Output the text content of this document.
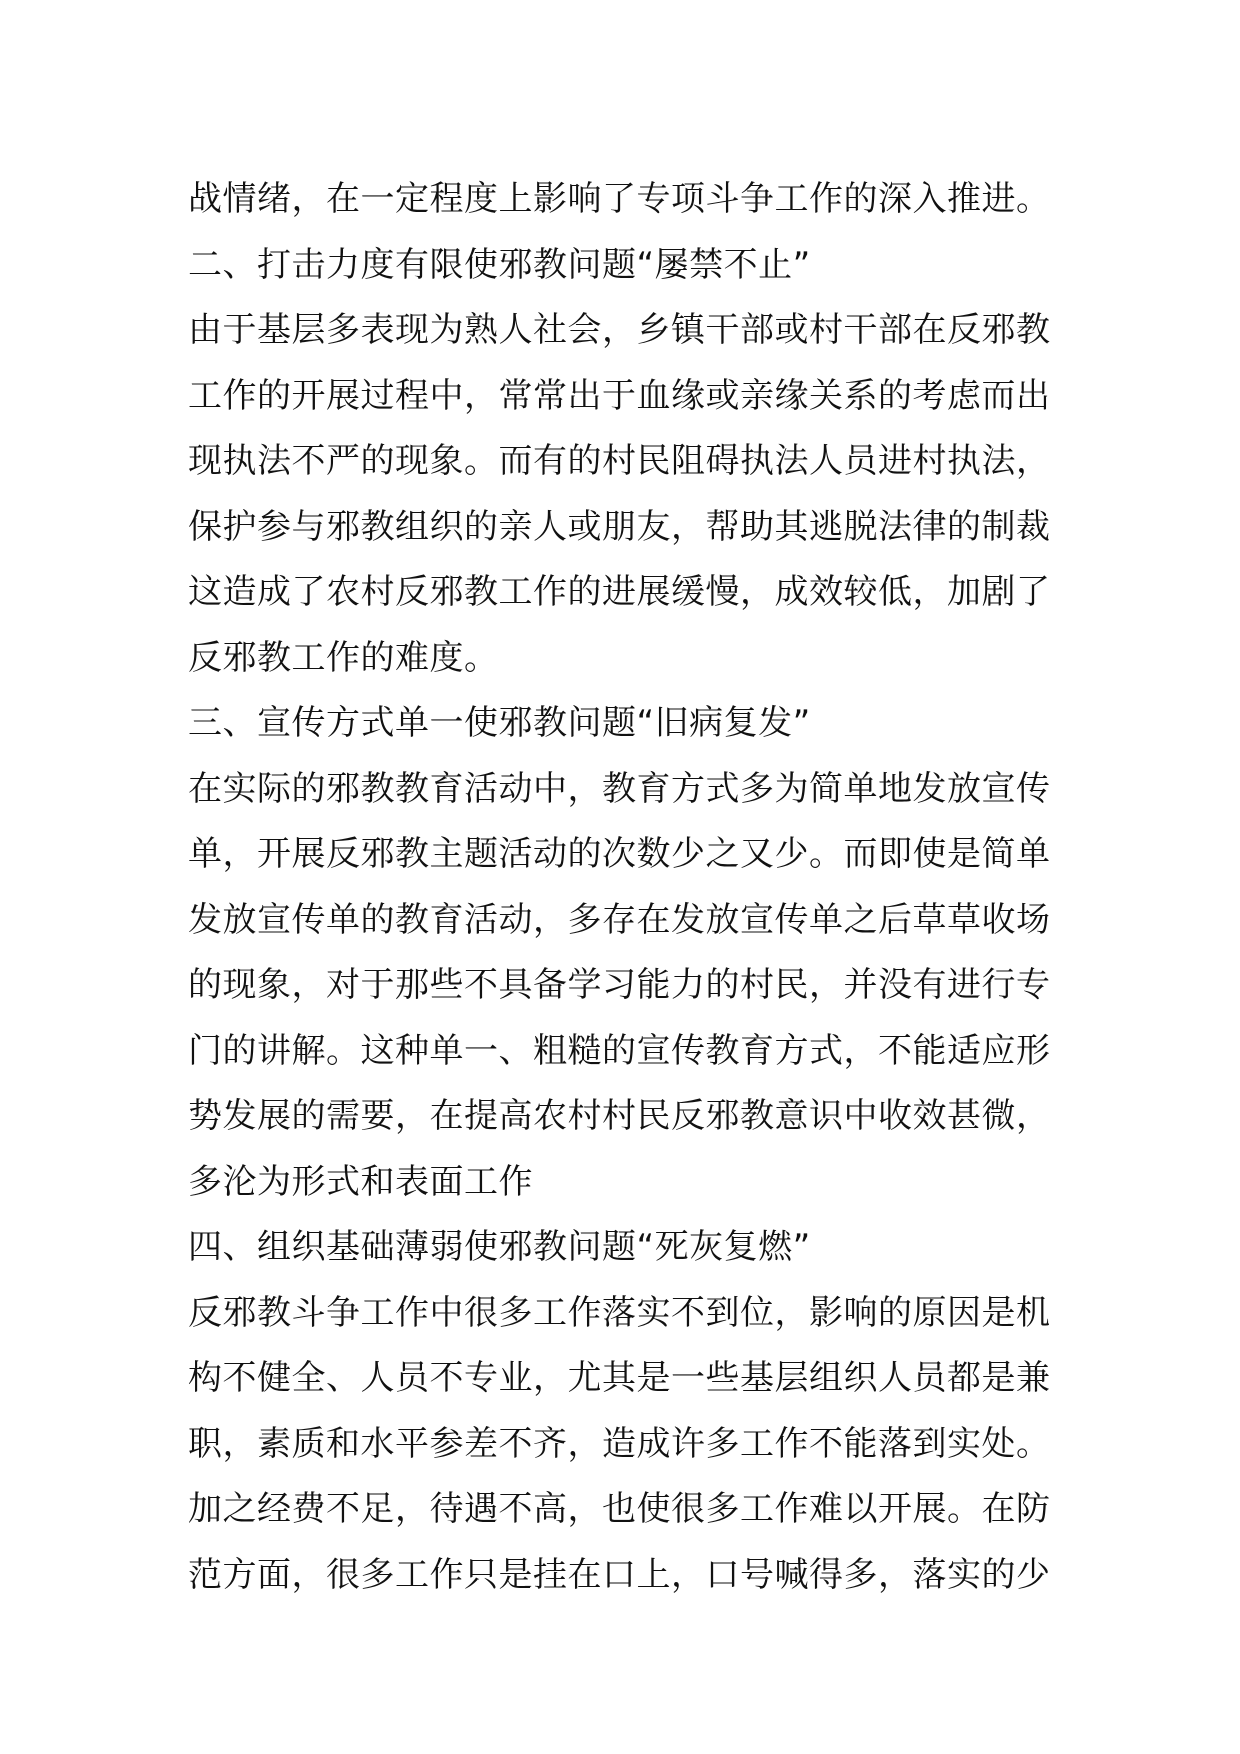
战情绪，在一定程度上影响了专项斗争工作的深入推进。
二、打击力度有限使邪教问题“屡禁不止”
由于基层多表现为熟人社会，乡镇干部或村干部在反邪教
工作的开展过程中，常常出于血缘或亲缘关系的考虑而出
现执法不严的现象。而有的村民阻碍执法人员进村执法，
保护参与邪教组织的亲人或朋友，帮助其逃脱法律的制裁
这造成了农村反邪教工作的进展缓慢，成效较低，加剧了
反邪教工作的难度。
三、宣传方式单一使邪教问题“旧病复发”
在实际的邪教教育活动中，教育方式多为简单地发放宣传
单，开展反邪教主题活动的次数少之又少。而即使是简单
发放宣传单的教育活动，多存在发放宣传单之后草草收场
的现象，对于那些不具备学习能力的村民，并没有进行专
门的讲解。这种单一、粗糙的宣传教育方式，不能适应形
势发展的需要，在提高农村村民反邪教意识中收效甚微，
多沦为形式和表面工作
四、组织基础薄弱使邪教问题“死灰复燃”
反邪教斗争工作中很多工作落实不到位，影响的原因是机
构不健全、人员不专业，尤其是一些基层组织人员都是兼
职，素质和水平参差不齐，造成许多工作不能落到实处。
加之经费不足，待遇不高，也使很多工作难以开展。在防
范方面，很多工作只是挂在口上，口号喊得多，落实的少
